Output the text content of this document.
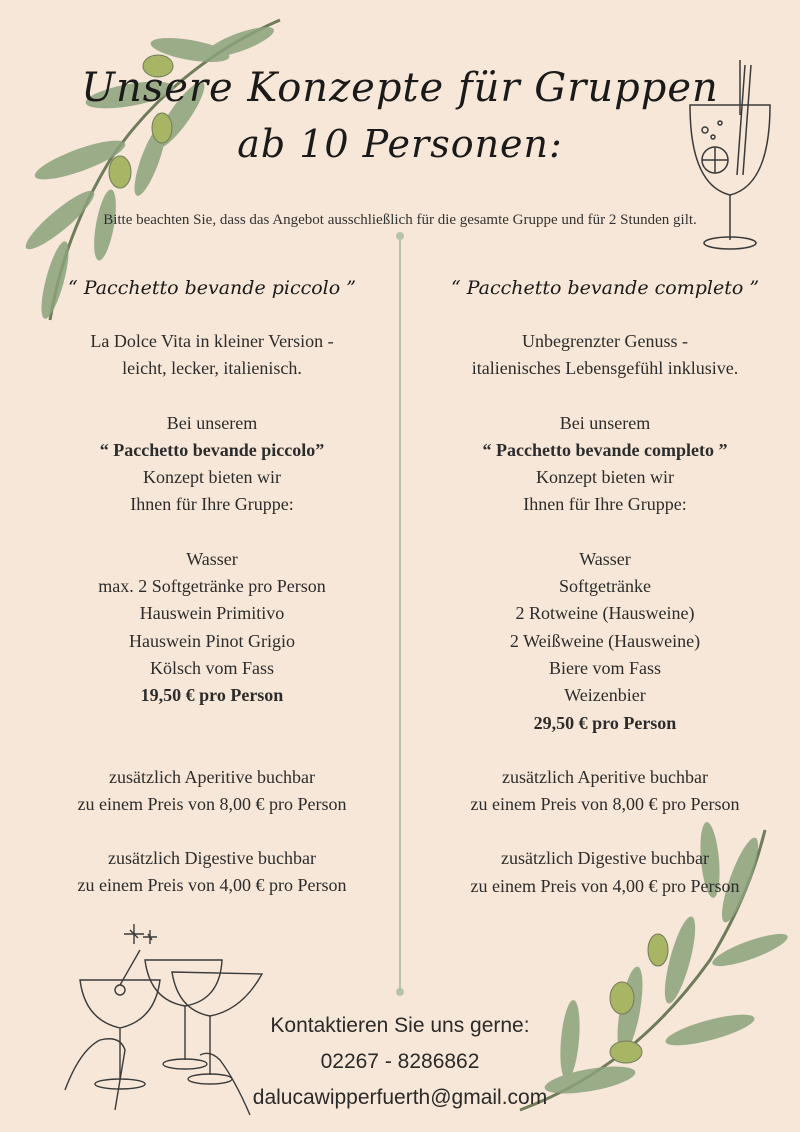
Unsere Konzepte für Gruppen
ab 10 Personen:
Bitte beachten Sie, dass das Angebot ausschließlich für die gesamte Gruppe und für 2 Stunden gilt.
“ Pacchetto bevande piccolo ”

La Dolce Vita in kleiner Version -

leicht, lecker, italienisch.

Bei unserem

“ Pacchetto bevande piccolo”

Konzept bieten wir

Ihnen für Ihre Gruppe:

Wasser

max. 2 Softgetränke pro Person

Hauswein Primitivo

Hauswein Pinot Grigio

Kölsch vom Fass

19,50 € pro Person

zusätzlich Aperitive buchbar

zu einem Preis von 8,00 € pro Person

zusätzlich Digestive buchbar

zu einem Preis von 4,00 € pro Person

“ Pacchetto bevande completo ”

Unbegrenzter Genuss -

italienisches Lebensgefühl inklusive.

Bei unserem

“ Pacchetto bevande completo ”

Konzept bieten wir

Ihnen für Ihre Gruppe:

Wasser

Softgetränke

2 Rotweine (Hausweine)

2 Weißweine (Hausweine)

Biere vom Fass

Weizenbier

29,50 € pro Person

zusätzlich Aperitive buchbar

zu einem Preis von 8,00 € pro Person

zusätzlich Digestive buchbar

zu einem Preis von 4,00 € pro Person

Kontaktieren Sie uns gerne:
02267 - 8286862
dalucawipperfuerth@gmail.com
